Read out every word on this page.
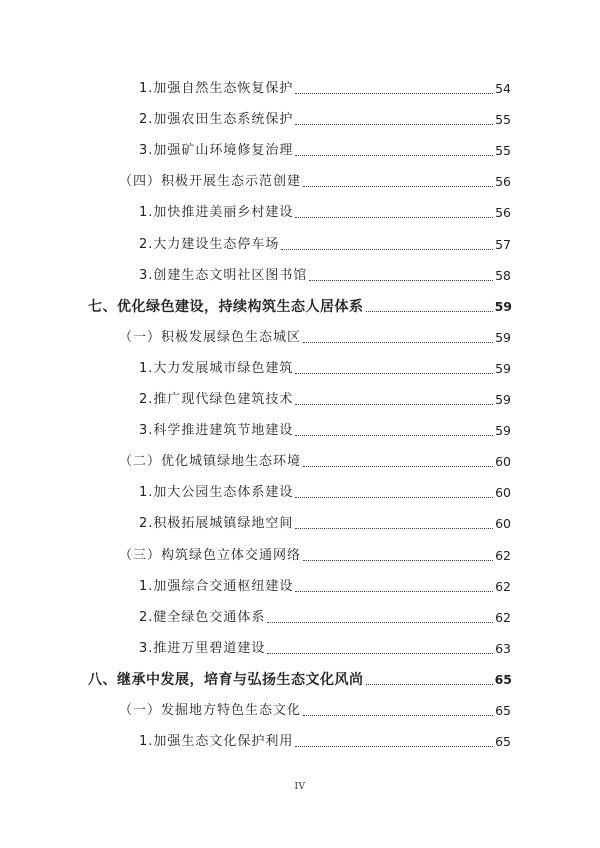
1.加强自然生态恢复保护	54
2.加强农田生态系统保护	55
3.加强矿山环境修复治理	55
（四）积极开展生态示范创建	56
1.加快推进美丽乡村建设	56
2.大力建设生态停车场	57
3.创建生态文明社区图书馆	58
七、优化绿色建设，持续构筑生态人居体系	59
（一）积极发展绿色生态城区	59
1.大力发展城市绿色建筑	59
2.推广现代绿色建筑技术	59
3.科学推进建筑节地建设	59
（二）优化城镇绿地生态环境	60
1.加大公园生态体系建设	60
2.积极拓展城镇绿地空间	60
（三）构筑绿色立体交通网络	62
1.加强综合交通枢纽建设	62
2.健全绿色交通体系	62
3.推进万里碧道建设	63
八、继承中发展，培育与弘扬生态文化风尚	65
（一）发掘地方特色生态文化	65
1.加强生态文化保护利用	65
IV
